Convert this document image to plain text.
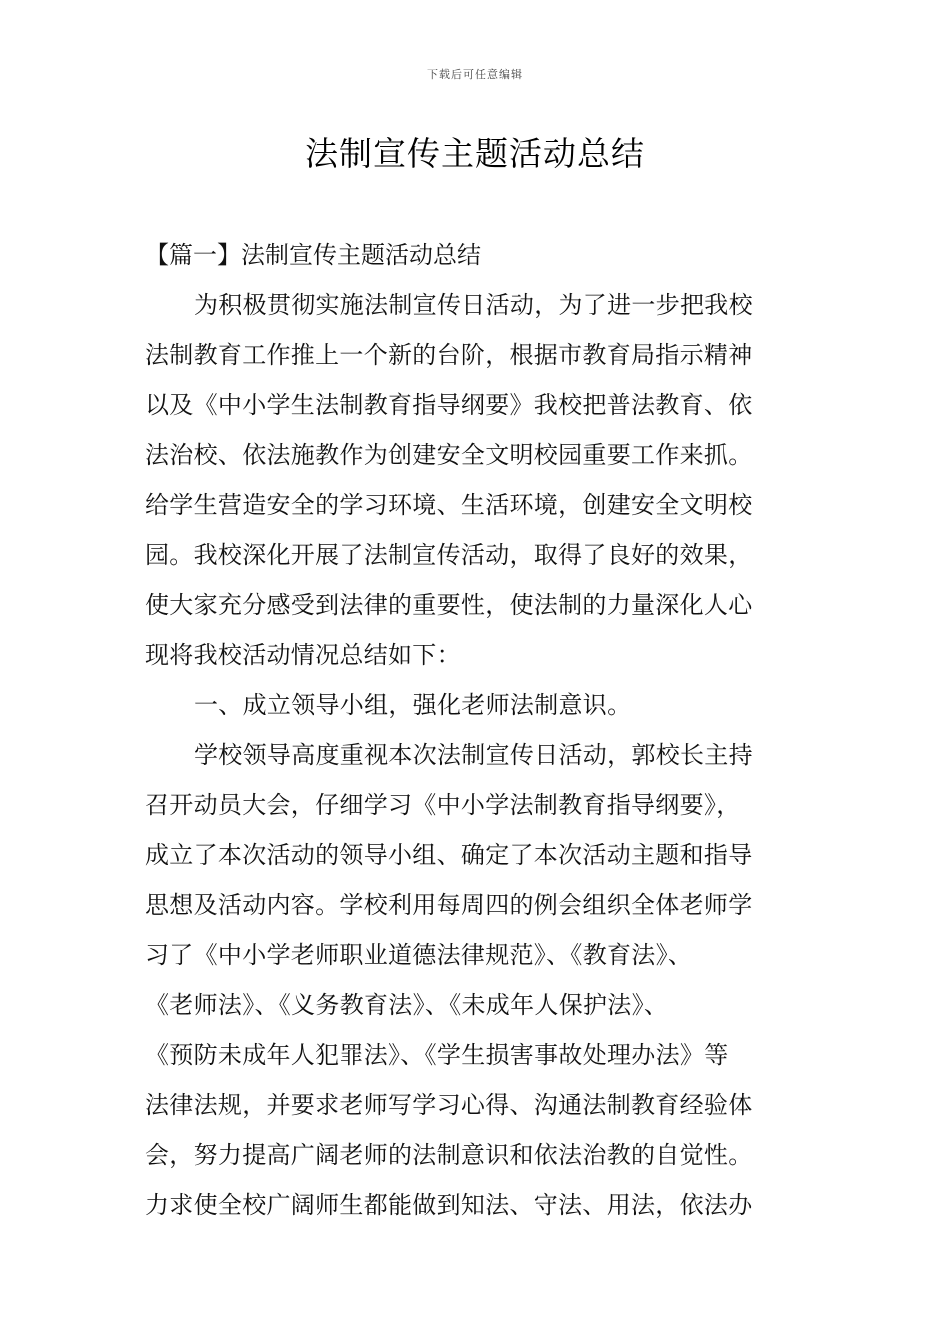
下载后可任意编辑
法制宣传主题活动总结
【篇一】法制宣传主题活动总结
为积极贯彻实施法制宣传日活动，为了进一步把我校
法制教育工作推上一个新的台阶，根据市教育局指示精神
以及《中小学生法制教育指导纲要》我校把普法教育、依
法治校、依法施教作为创建安全文明校园重要工作来抓。
给学生营造安全的学习环境、生活环境，创建安全文明校
园。我校深化开展了法制宣传活动，取得了良好的效果，
使大家充分感受到法律的重要性，使法制的力量深化人心
现将我校活动情况总结如下：
一、成立领导小组，强化老师法制意识。
学校领导高度重视本次法制宣传日活动，郭校长主持
召开动员大会，仔细学习《中小学法制教育指导纲要》，
成立了本次活动的领导小组、确定了本次活动主题和指导
思想及活动内容。学校利用每周四的例会组织全体老师学
习了《中小学老师职业道德法律规范》、《教育法》、
《老师法》、《义务教育法》、《未成年人保护法》、
《预防未成年人犯罪法》、《学生损害事故处理办法》等
法律法规，并要求老师写学习心得、沟通法制教育经验体
会，努力提高广阔老师的法制意识和依法治教的自觉性。
力求使全校广阔师生都能做到知法、守法、用法，依法办
